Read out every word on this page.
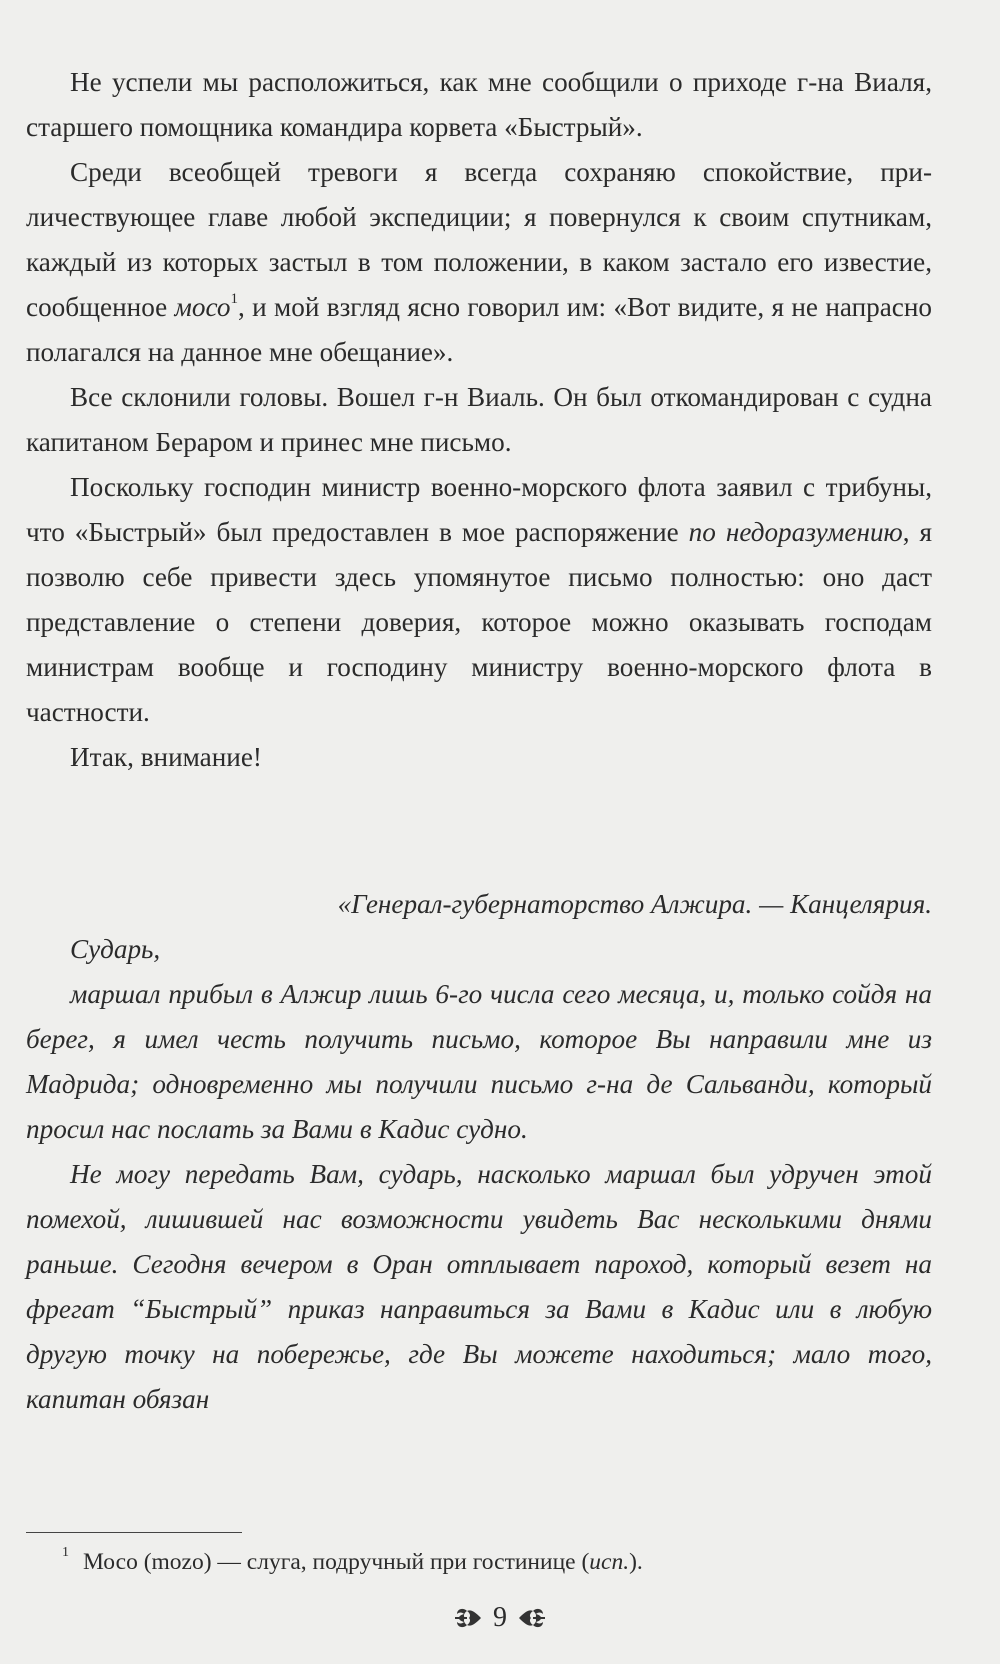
Не успели мы расположиться, как мне сообщили о приходе г-на Виаля, старшего помощника командира корвета «Быстрый».

Среди всеобщей тревоги я всегда сохраняю спокойствие, приличествующее главе любой экспедиции; я повернулся к своим спутникам, каждый из которых застыл в том положении, в каком застало его известие, сообщенное мосо$^1$, и мой взгляд ясно говорил им: «Вот видите, я не напрасно полагался на данное мне обещание».

Все склонили головы. Вошел г-н Виаль. Он был откомандирован с судна капитаном Бераром и принес мне письмо.

Поскольку господин министр военно-морского флота заявил с трибуны, что «Быстрый» был предоставлен в мое распоряжение по недоразумению, я позволю себе привести здесь упомянутое письмо полностью: оно даст представление о степени доверия, которое можно оказывать господам министрам вообще и господину министру военно-морского флота в частности.

Итак, внимание!

«Генерал-губернаторство Алжира. — Канцелярия.

Сударь,

маршал прибыл в Алжир лишь 6-го числа сего месяца, и, только сойдя на берег, я имел честь получить письмо, которое Вы направили мне из Мадрида; одновременно мы получили письмо г-на де Сальванди, который просил нас послать за Вами в Кадис судно.

Не могу передать Вам, сударь, насколько маршал был удручен этой помехой, лишившей нас возможности увидеть Вас несколькими днями раньше. Сегодня вечером в Оран отплывает пароход, который везет на фрегат “Быстрый” приказ направиться за Вами в Кадис или в любую другую точку на побережье, где Вы можете находиться; мало того, капитан обязан

$^1$ Мосо (mozo) — слуга, подручный при гостинице (исп.).
9
